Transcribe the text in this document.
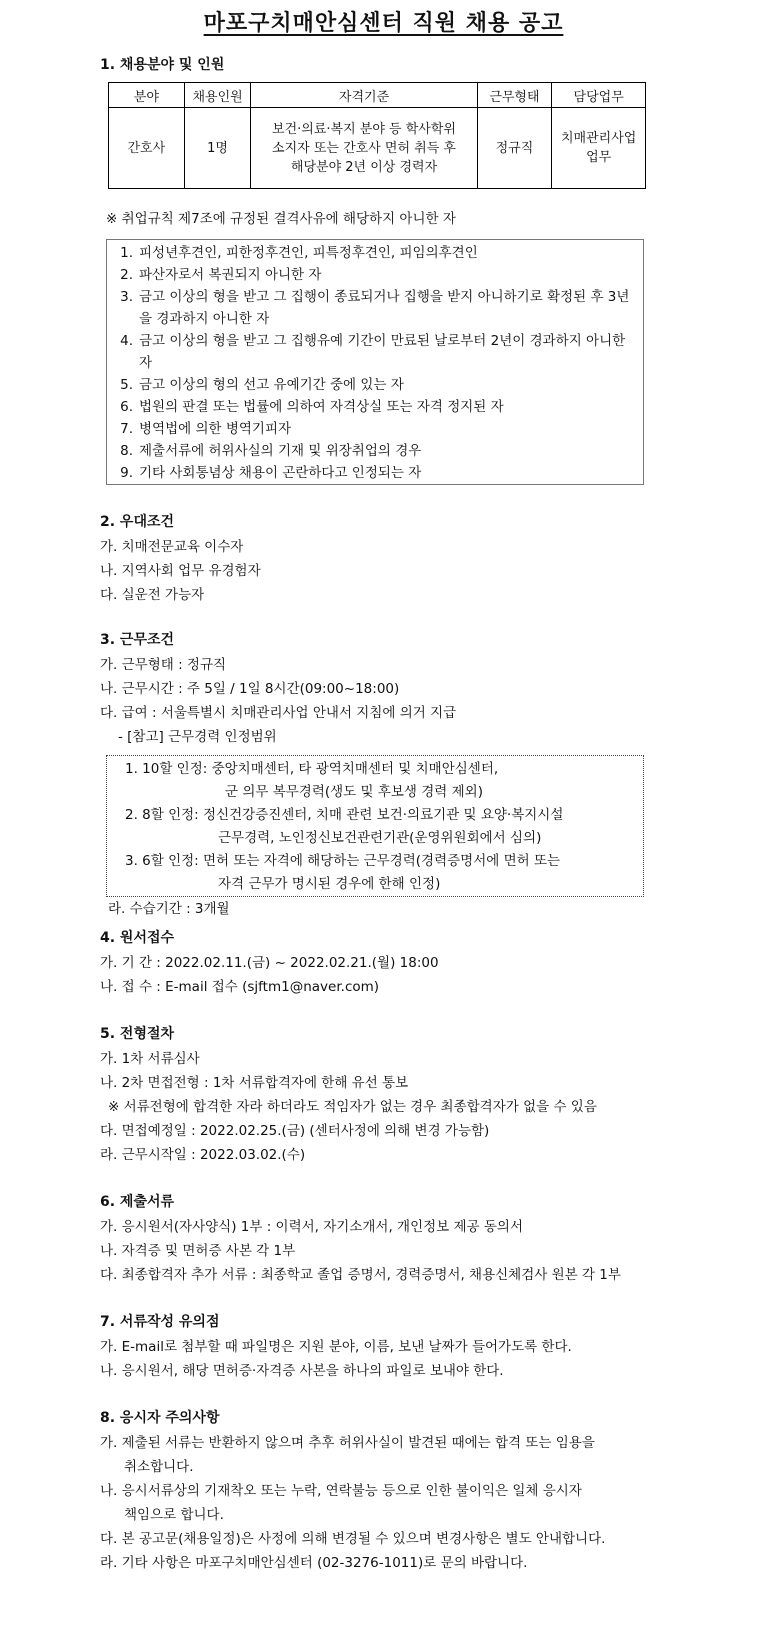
마포구치매안심센터 직원 채용 공고
1. 채용분야 및 인원
분야	채용인원	자격기준	근무형태	담당업무
간호사	1명	보건·의료·복지 분야 등 학사학위 소지자 또는 간호사 면허 취득 후 해당분야 2년 이상 경력자	정규직	치매관리사업 업무
※ 취업규칙 제7조에 규정된 결격사유에 해당하지 아니한 자
1. 피성년후견인, 피한정후견인, 피특정후견인, 피임의후견인
2. 파산자로서 복권되지 아니한 자
3. 금고 이상의 형을 받고 그 집행이 종료되거나 집행을 받지 아니하기로 확정된 후 3년을 경과하지 아니한 자
4. 금고 이상의 형을 받고 그 집행유예 기간이 만료된 날로부터 2년이 경과하지 아니한 자
5. 금고 이상의 형의 선고 유예기간 중에 있는 자
6. 법원의 판결 또는 법률에 의하여 자격상실 또는 자격 정지된 자
7. 병역법에 의한 병역기피자
8. 제출서류에 허위사실의 기재 및 위장취업의 경우
9. 기타 사회통념상 채용이 곤란하다고 인정되는 자
2. 우대조건
가. 치매전문교육 이수자
나. 지역사회 업무 유경험자
다. 실운전 가능자
3. 근무조건
가. 근무형태 : 정규직
나. 근무시간 : 주 5일 / 1일 8시간(09:00~18:00)
다. 급여 : 서울특별시 치매관리사업 안내서 지침에 의거 지급
- [참고] 근무경력 인정범위
1. 10할 인정: 중앙치매센터, 타 광역치매센터 및 치매안심센터,
군 의무 복무경력(생도 및 후보생 경력 제외)
2. 8할 인정: 정신건강증진센터, 치매 관련 보건·의료기관 및 요양·복지시설
근무경력, 노인정신보건관련기관(운영위원회에서 심의)
3. 6할 인정: 면허 또는 자격에 해당하는 근무경력(경력증명서에 면허 또는
자격 근무가 명시된 경우에 한해 인정)
라. 수습기간 : 3개월
4. 원서접수
가. 기 간 : 2022.02.11.(금) ~ 2022.02.21.(월) 18:00
나. 접 수 : E-mail 접수 (sjftm1@naver.com)
5. 전형절차
가. 1차 서류심사
나. 2차 면접전형 : 1차 서류합격자에 한해 유선 통보
※ 서류전형에 합격한 자라 하더라도 적임자가 없는 경우 최종합격자가 없을 수 있음
다. 면접예정일 : 2022.02.25.(금) (센터사정에 의해 변경 가능함)
라. 근무시작일 : 2022.03.02.(수)
6. 제출서류
가. 응시원서(자사양식) 1부 : 이력서, 자기소개서, 개인정보 제공 동의서
나. 자격증 및 면허증 사본 각 1부
다. 최종합격자 추가 서류 : 최종학교 졸업 증명서, 경력증명서, 채용신체검사 원본 각 1부
7. 서류작성 유의점
가. E-mail로 첨부할 때 파일명은 지원 분야, 이름, 보낸 날짜가 들어가도록 한다.
나. 응시원서, 해당 면허증·자격증 사본을 하나의 파일로 보내야 한다.
8. 응시자 주의사항
가. 제출된 서류는 반환하지 않으며 추후 허위사실이 발견된 때에는 합격 또는 임용을
취소합니다.
나. 응시서류상의 기재착오 또는 누락, 연락불능 등으로 인한 불이익은 일체 응시자
책임으로 합니다.
다. 본 공고문(채용일정)은 사정에 의해 변경될 수 있으며 변경사항은 별도 안내합니다.
라. 기타 사항은 마포구치매안심센터 (02-3276-1011)로 문의 바랍니다.
